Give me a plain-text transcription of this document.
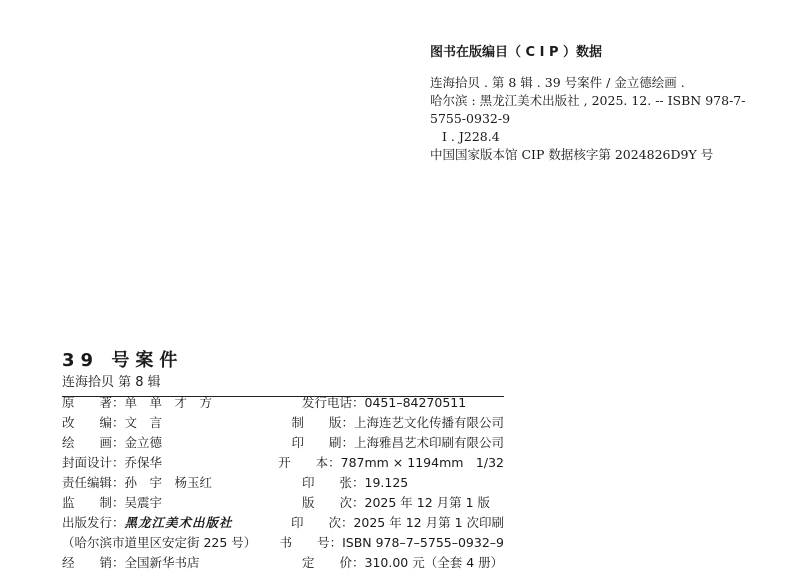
图书在版编目（ C I P ）数据
连海拾贝 . 第 8 辑 . 39 号案件 / 金立德绘画 .
哈尔滨 : 黑龙江美术出版社 , 2025. 12. -- ISBN 978-7-
5755-0932-9
Ⅰ . J228.4
中国国家版本馆 CIP 数据核字第 2024826D9Y 号
39 号案件
连海拾贝 第 8 辑
原　　著：单　单　才　方	发行电话：0451–84270511
改　　编：文　言	制　　版：上海连艺文化传播有限公司
绘　　画：金立德	印　　刷：上海雅昌艺术印刷有限公司
封面设计：乔保华	开　　本：787mm × 1194mm　1/32
责任编辑：孙　宇　杨玉红	印　　张：19.125
监　　制：吴震宇	版　　次：2025 年 12 月第 1 版
出版发行：黑龙江美术出版社	印　　次：2025 年 12 月第 1 次印刷
（哈尔滨市道里区安定街 225 号）	书　　号：ISBN 978–7–5755–0932–9
经　　销：全国新华书店	定　　价：310.00 元（全套 4 册）
